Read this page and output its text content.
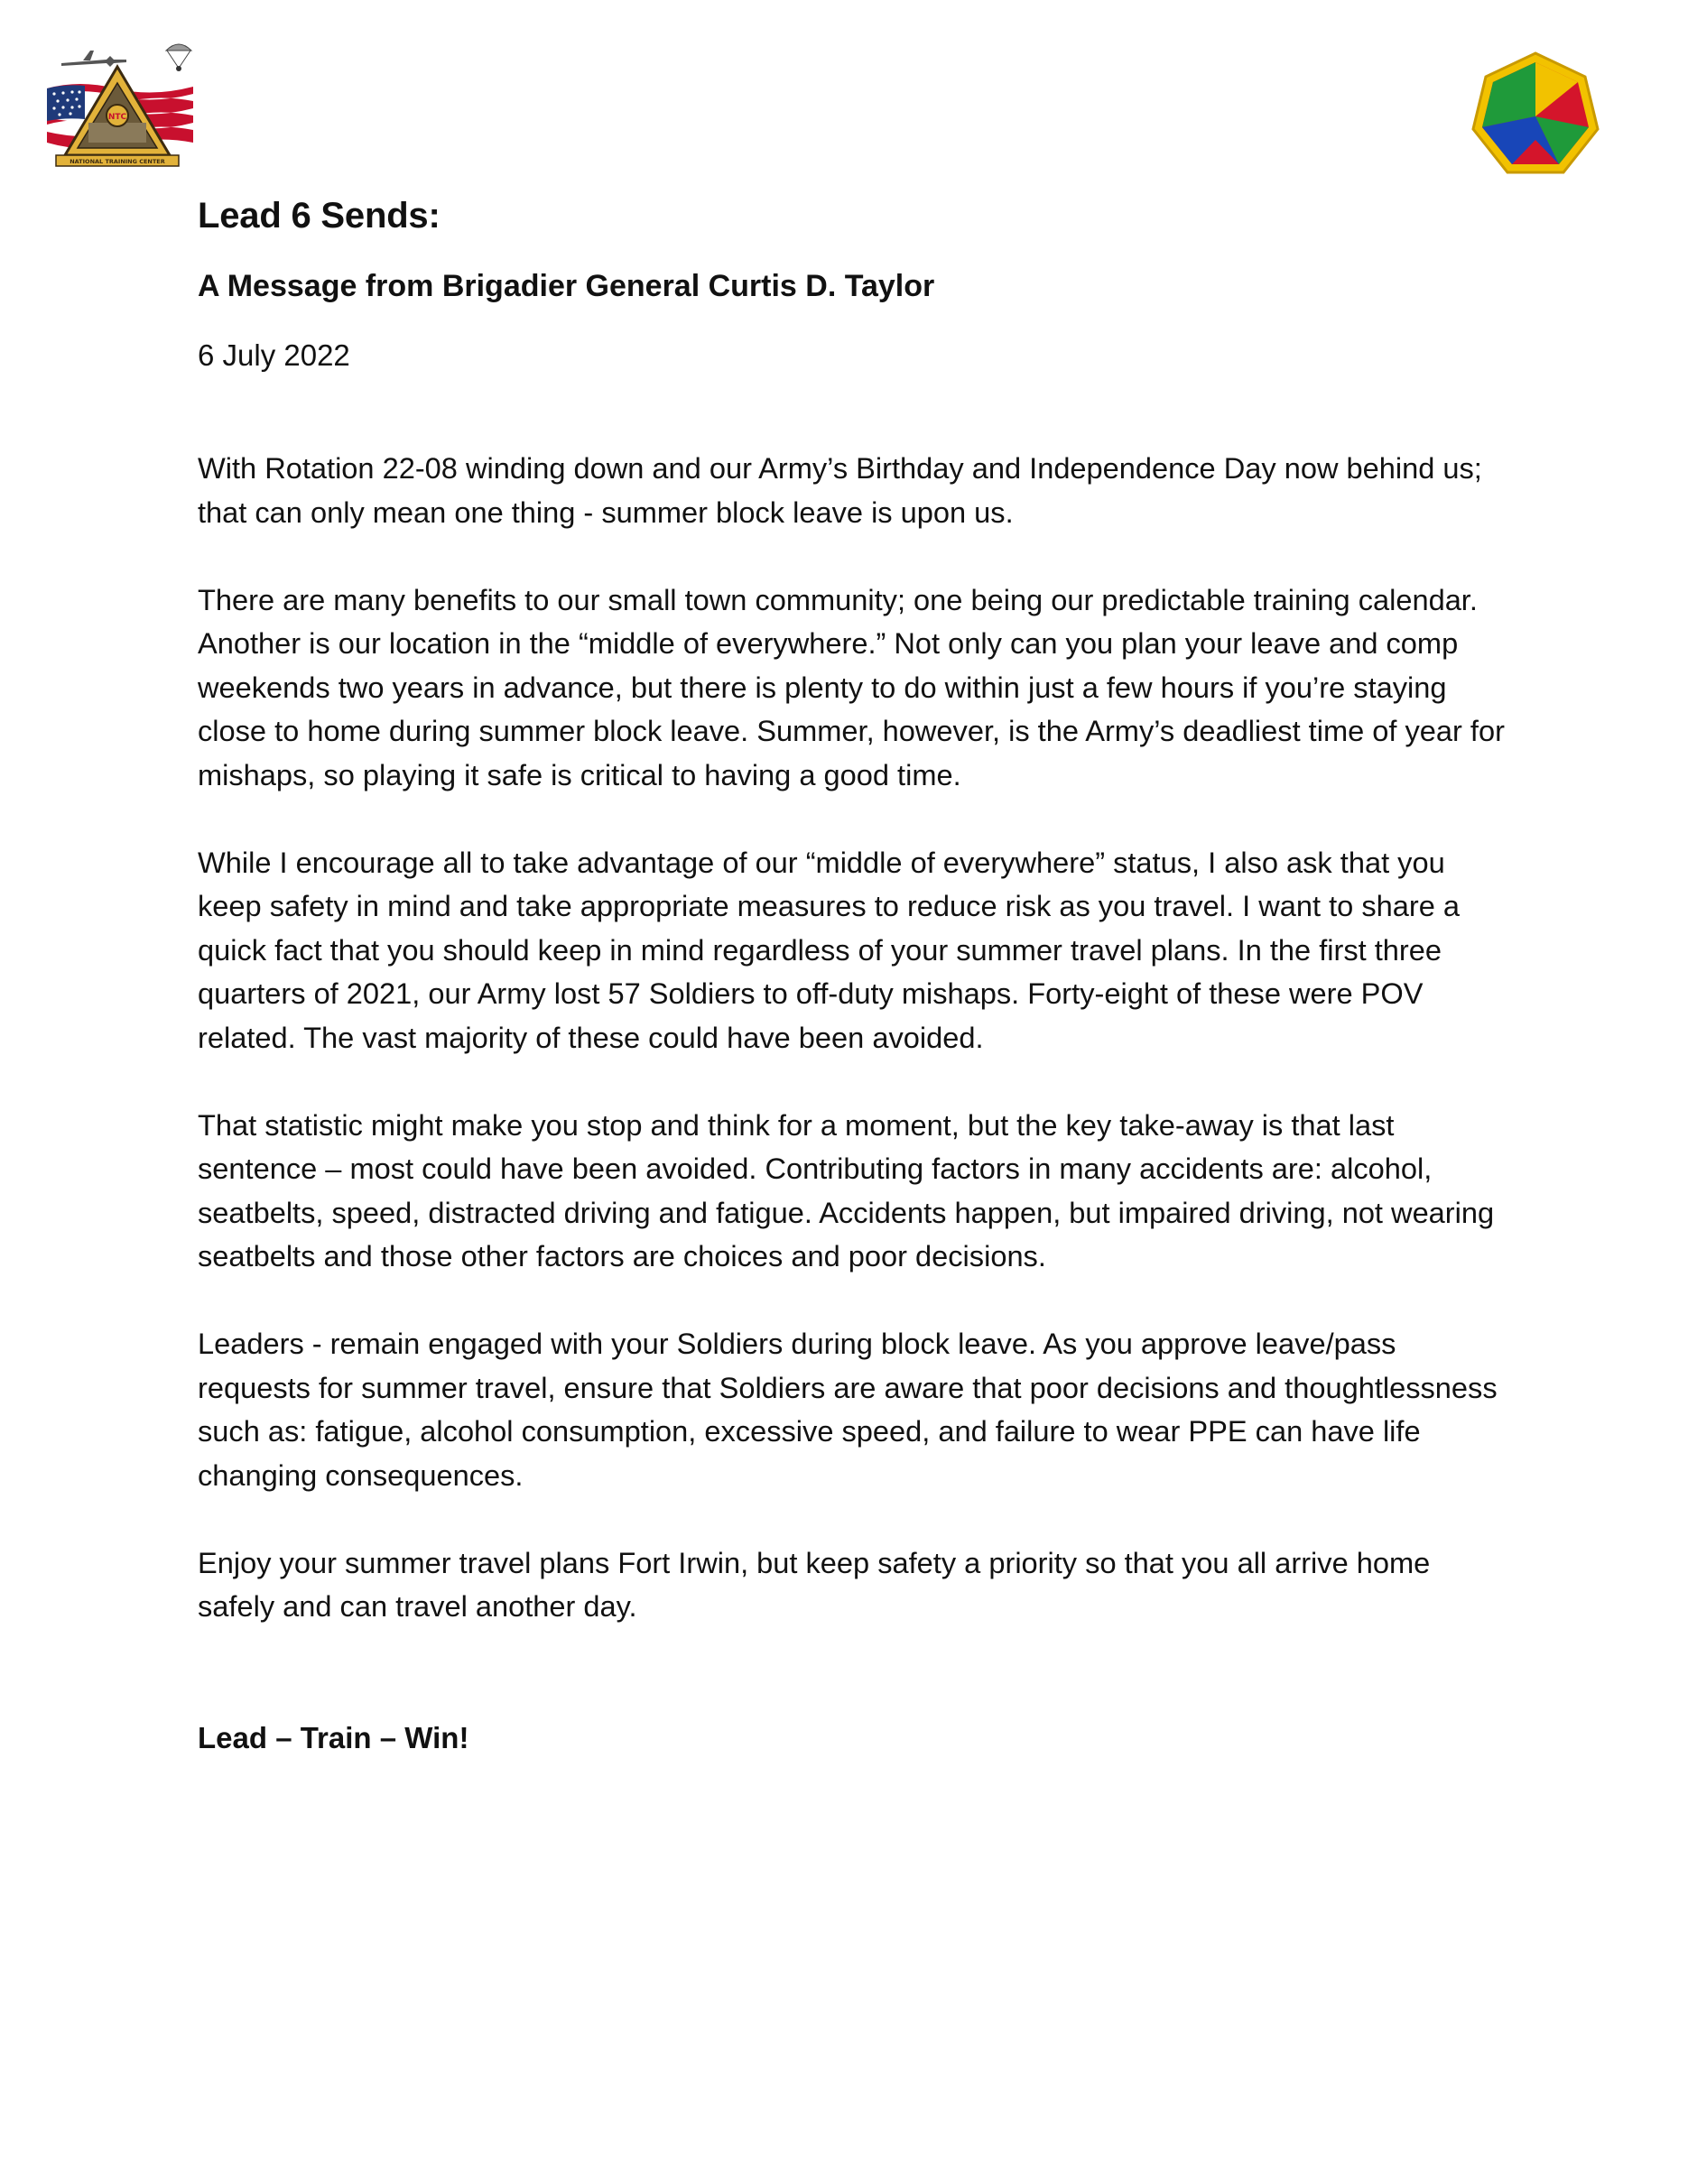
NTC
NATIONAL TRAINING CENTER
Lead 6 Sends:
A Message from Brigadier General Curtis D. Taylor

6 July 2022

With Rotation 22-08 winding down and our Army’s Birthday and Independence Day now behind us; that can only mean one thing - summer block leave is upon us.

There are many benefits to our small town community; one being our predictable training calendar. Another is our location in the “middle of everywhere.” Not only can you plan your leave and comp weekends two years in advance, but there is plenty to do within just a few hours if you’re staying close to home during summer block leave. Summer, however, is the Army’s deadliest time of year for mishaps, so playing it safe is critical to having a good time.

While I encourage all to take advantage of our “middle of everywhere” status, I also ask that you keep safety in mind and take appropriate measures to reduce risk as you travel. I want to share a quick fact that you should keep in mind regardless of your summer travel plans. In the first three quarters of 2021, our Army lost 57 Soldiers to off-duty mishaps. Forty-eight of these were POV related. The vast majority of these could have been avoided.

That statistic might make you stop and think for a moment, but the key take-away is that last sentence – most could have been avoided. Contributing factors in many accidents are: alcohol, seatbelts, speed, distracted driving and fatigue. Accidents happen, but impaired driving, not wearing seatbelts and those other factors are choices and poor decisions.

Leaders - remain engaged with your Soldiers during block leave. As you approve leave/pass requests for summer travel, ensure that Soldiers are aware that poor decisions and thoughtlessness such as: fatigue, alcohol consumption, excessive speed, and failure to wear PPE can have life changing consequences.

Enjoy your summer travel plans Fort Irwin, but keep safety a priority so that you all arrive home safely and can travel another day.

Lead – Train – Win!
